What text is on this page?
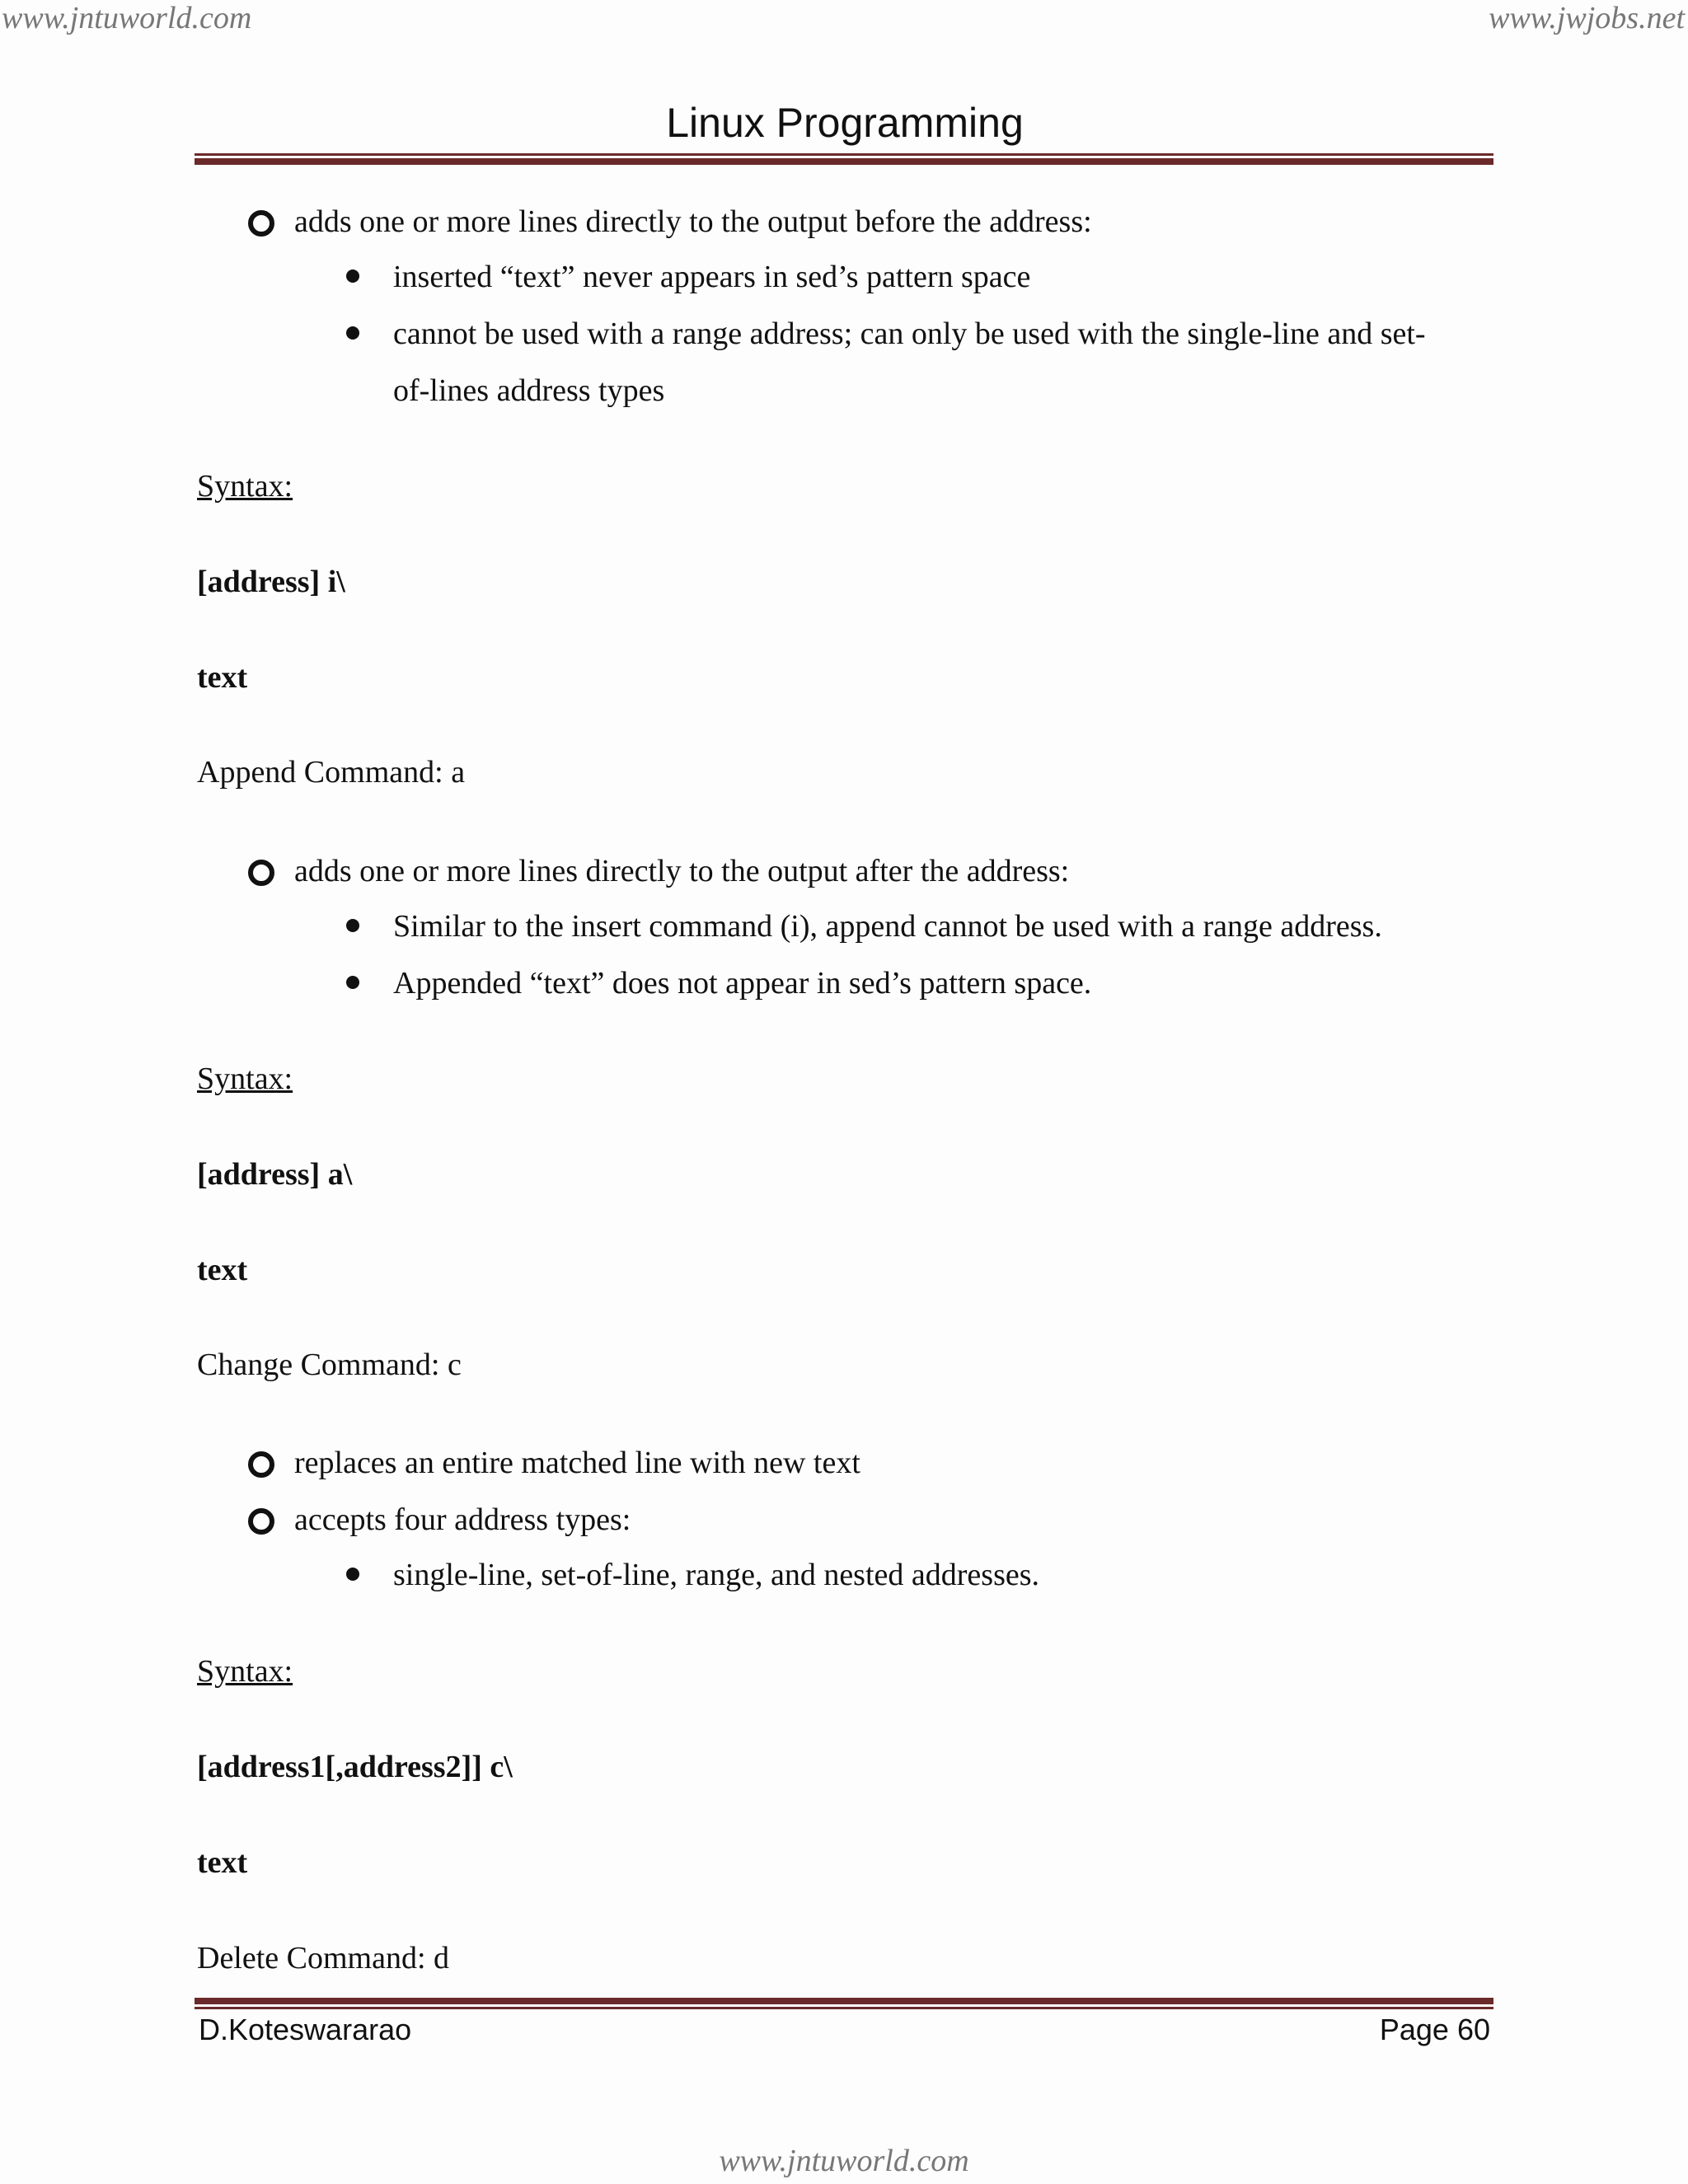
www.jntuworld.com	www.jwjobs.net
Linux Programming
adds one or more lines directly to the output before the address:
inserted “text” never appears in sed’s pattern space
cannot be used with a range address; can only be used with the single-line and set-
of-lines address types
Syntax:
[address] i\
text
Append Command: a
adds one or more lines directly to the output after the address:
Similar to the insert command (i), append cannot be used with a range address.
Appended “text” does not appear in sed’s pattern space.
Syntax:
[address] a\
text
Change Command: c
replaces an entire matched line with new text
accepts four address types:
single-line, set-of-line, range, and nested addresses.
Syntax:
[address1[,address2]] c\
text
Delete Command: d
D.Koteswararao	Page 60
www.jntuworld.com
